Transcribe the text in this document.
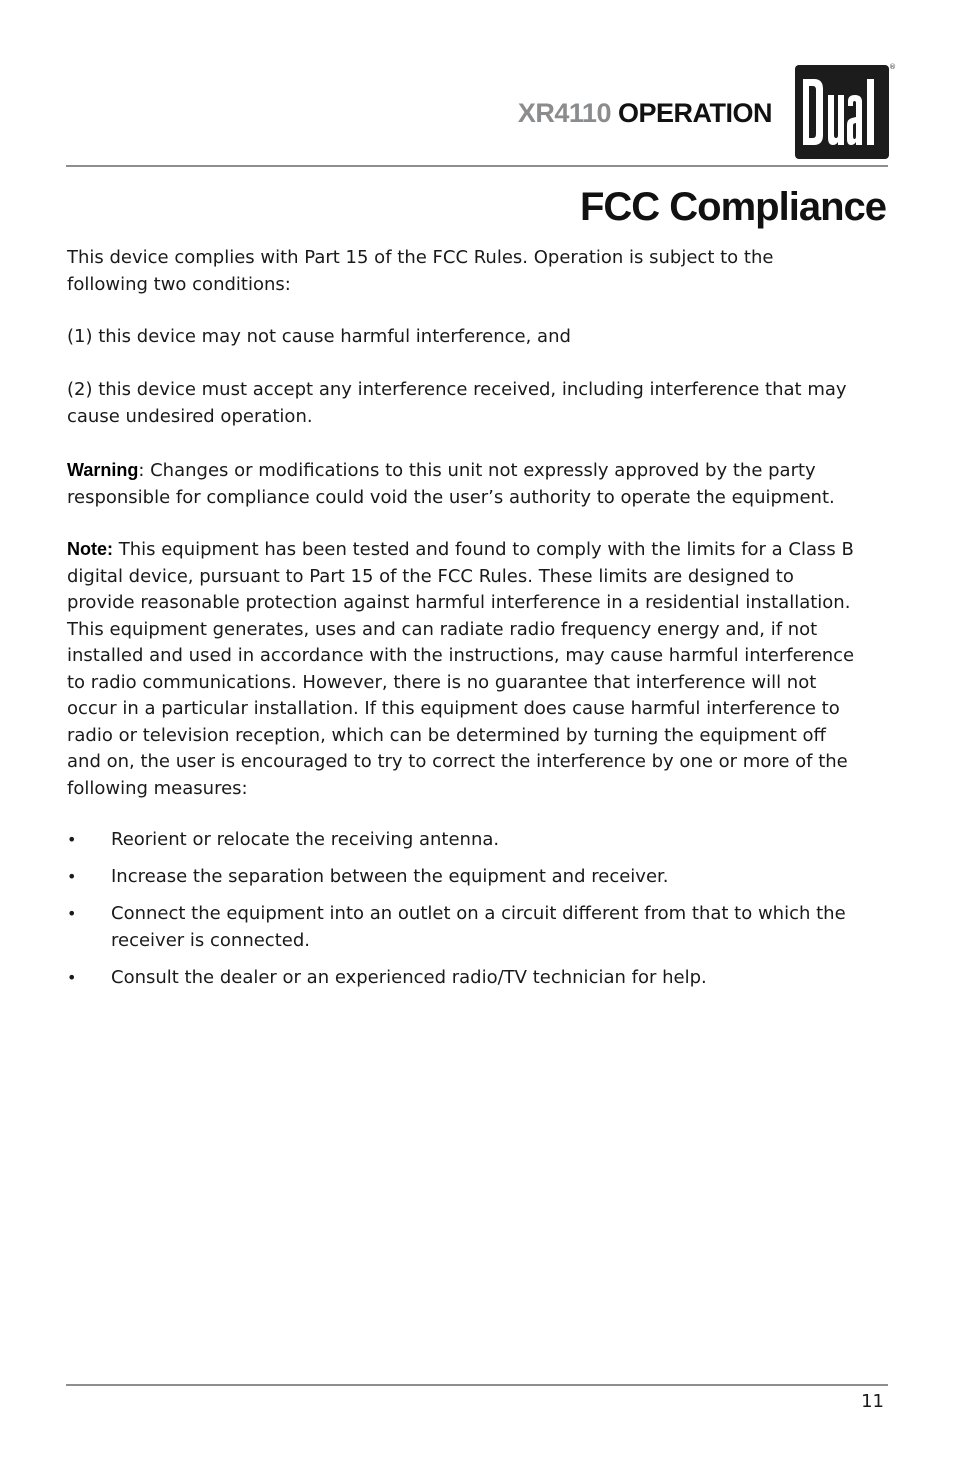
XR4110 OPERATION
®
FCC Compliance

This device complies with Part 15 of the FCC Rules. Operation is subject to the following two conditions:

(1) this device may not cause harmful interference, and

(2) this device must accept any interference received, including interference that may cause undesired operation.

Warning: Changes or modifications to this unit not expressly approved by the party responsible for compliance could void the user’s authority to operate the equipment.

Note: This equipment has been tested and found to comply with the limits for a Class B digital device, pursuant to Part 15 of the FCC Rules. These limits are designed to provide reasonable protection against harmful interference in a residential installation. This equipment generates, uses and can radiate radio frequency energy and, if not installed and used in accordance with the instructions, may cause harmful interference to radio communications. However, there is no guarantee that interference will not occur in a particular installation. If this equipment does cause harmful interference to radio or television reception, which can be determined by turning the equipment off and on, the user is encouraged to try to correct the interference by one or more of the following measures:

• Reorient or relocate the receiving antenna.
• Increase the separation between the equipment and receiver.
• Connect the equipment into an outlet on a circuit different from that to which the receiver is connected.
• Consult the dealer or an experienced radio/TV technician for help.
11
